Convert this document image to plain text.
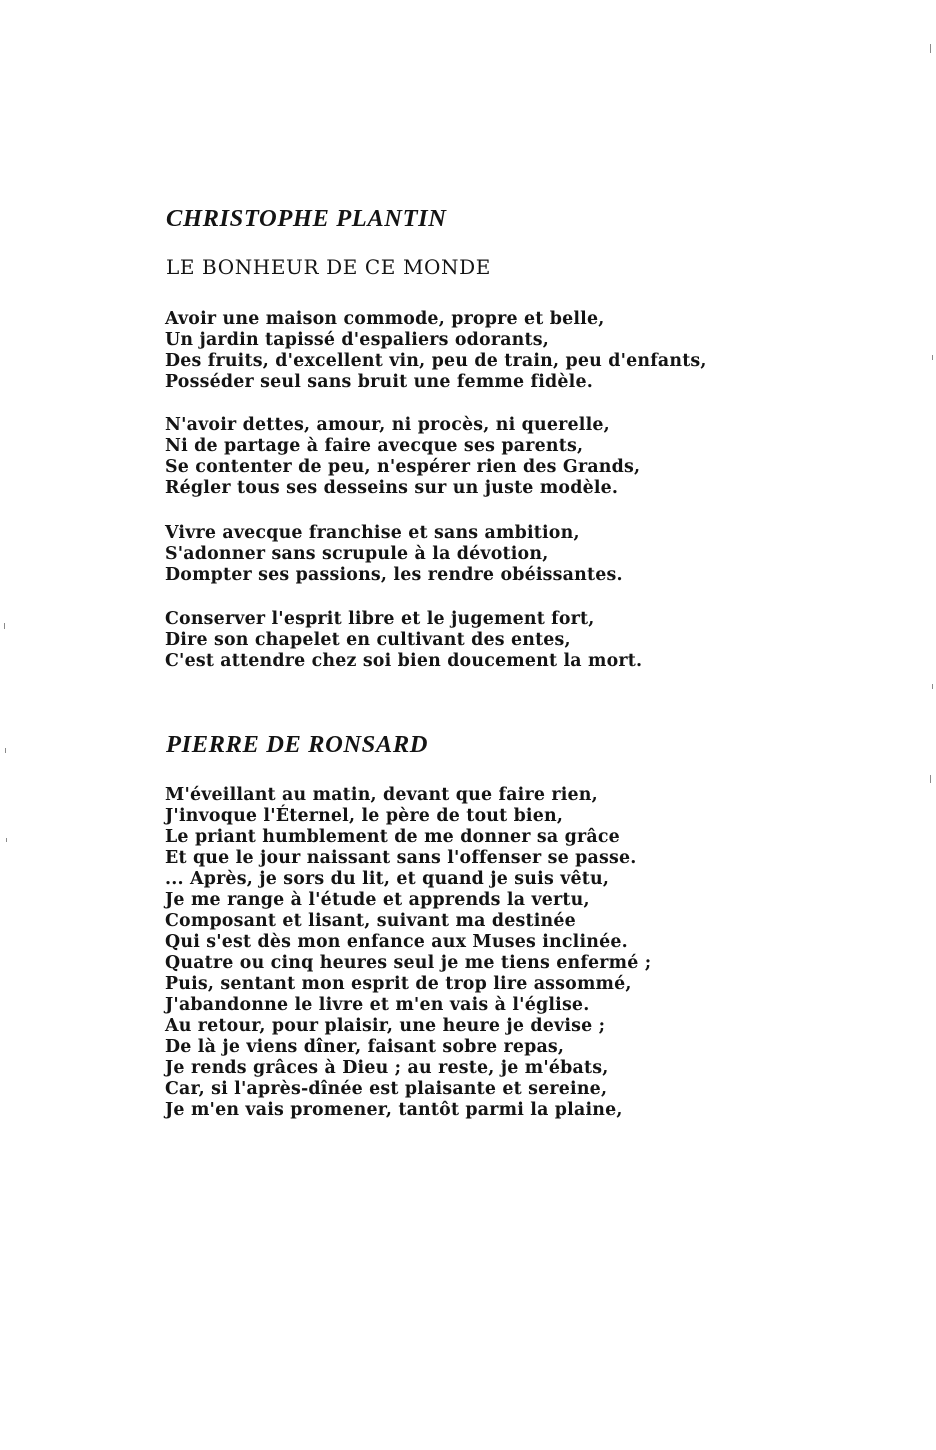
CHRISTOPHE PLANTIN
LE BONHEUR DE CE MONDE
Avoir une maison commode, propre et belle,
Un jardin tapissé d'espaliers odorants,
Des fruits, d'excellent vin, peu de train, peu d'enfants,
Posséder seul sans bruit une femme fidèle.
N'avoir dettes, amour, ni procès, ni querelle,
Ni de partage à faire avecque ses parents,
Se contenter de peu, n'espérer rien des Grands,
Régler tous ses desseins sur un juste modèle.
Vivre avecque franchise et sans ambition,
S'adonner sans scrupule à la dévotion,
Dompter ses passions, les rendre obéissantes.
Conserver l'esprit libre et le jugement fort,
Dire son chapelet en cultivant des entes,
C'est attendre chez soi bien doucement la mort.
PIERRE DE RONSARD
M'éveillant au matin, devant que faire rien,
J'invoque l'Éternel, le père de tout bien,
Le priant humblement de me donner sa grâce
Et que le jour naissant sans l'offenser se passe.
... Après, je sors du lit, et quand je suis vêtu,
Je me range à l'étude et apprends la vertu,
Composant et lisant, suivant ma destinée
Qui s'est dès mon enfance aux Muses inclinée.
Quatre ou cinq heures seul je me tiens enfermé ;
Puis, sentant mon esprit de trop lire assommé,
J'abandonne le livre et m'en vais à l'église.
Au retour, pour plaisir, une heure je devise ;
De là je viens dîner, faisant sobre repas,
Je rends grâces à Dieu ; au reste, je m'ébats,
Car, si l'après-dînée est plaisante et sereine,
Je m'en vais promener, tantôt parmi la plaine,
